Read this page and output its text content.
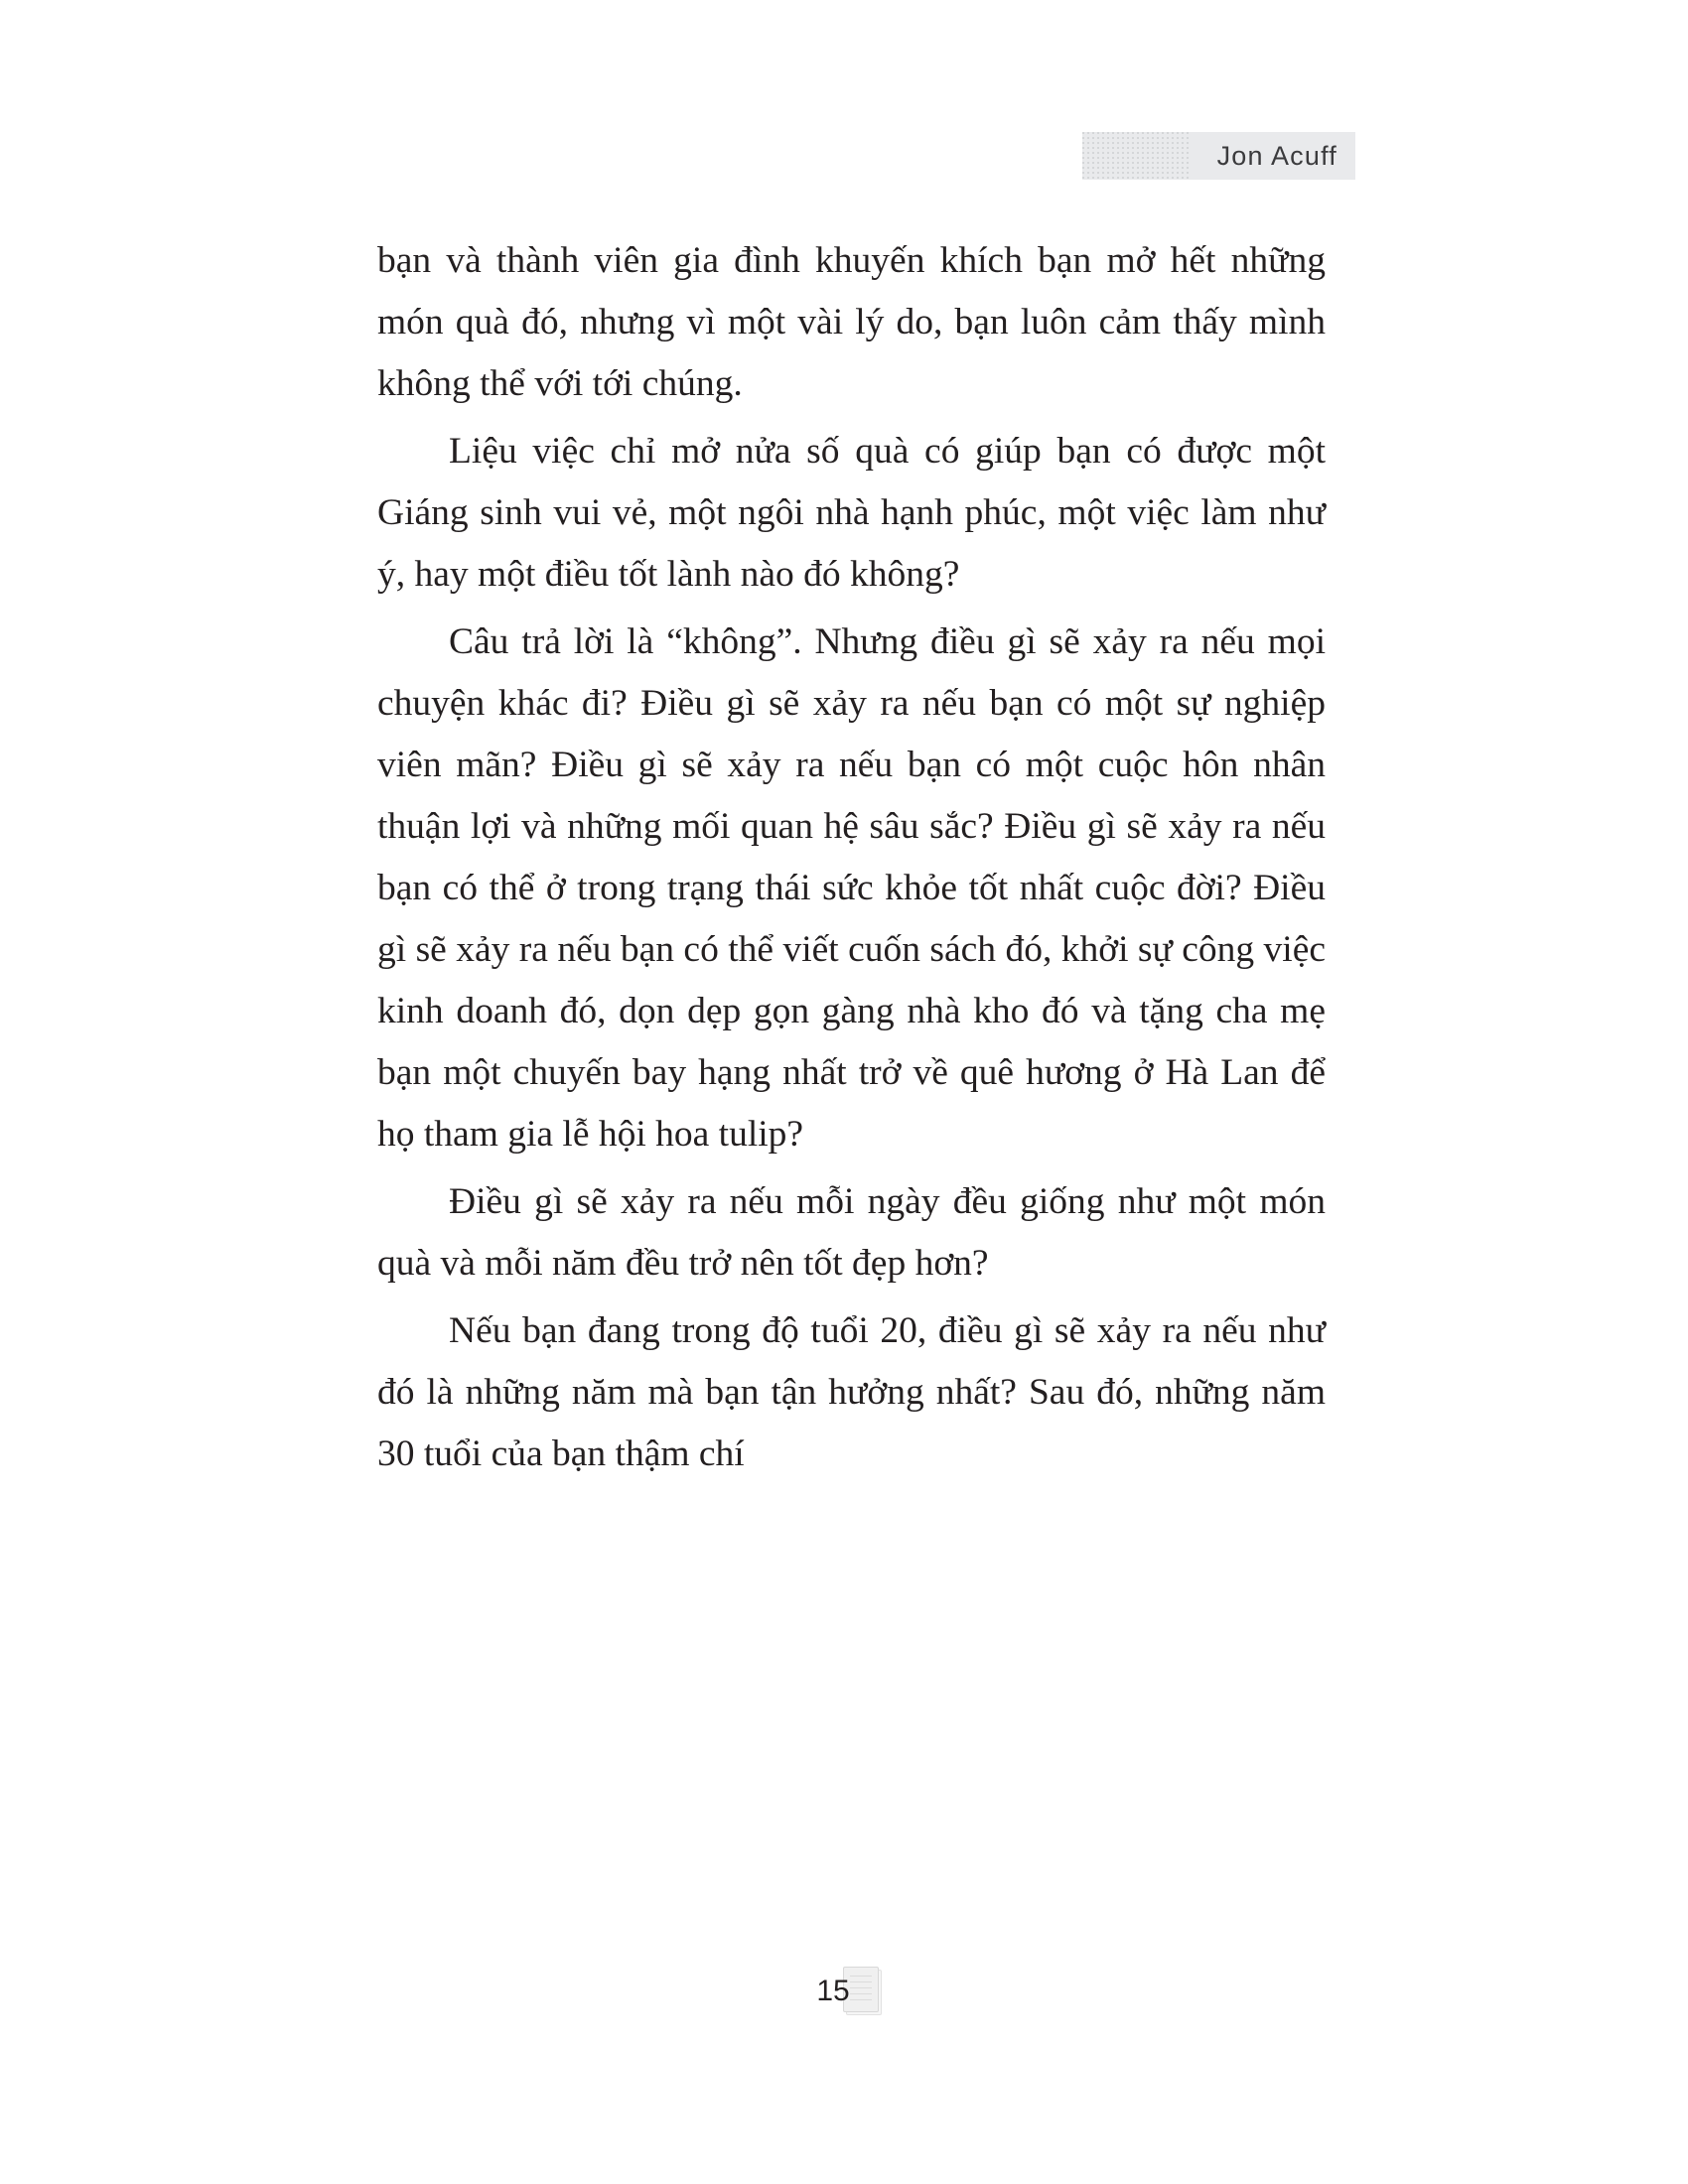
Jon Acuff

bạn và thành viên gia đình khuyến khích bạn mở hết những món quà đó, nhưng vì một vài lý do, bạn luôn cảm thấy mình không thể với tới chúng.

Liệu việc chỉ mở nửa số quà có giúp bạn có được một Giáng sinh vui vẻ, một ngôi nhà hạnh phúc, một việc làm như ý, hay một điều tốt lành nào đó không?

Câu trả lời là “không”. Nhưng điều gì sẽ xảy ra nếu mọi chuyện khác đi? Điều gì sẽ xảy ra nếu bạn có một sự nghiệp viên mãn? Điều gì sẽ xảy ra nếu bạn có một cuộc hôn nhân thuận lợi và những mối quan hệ sâu sắc? Điều gì sẽ xảy ra nếu bạn có thể ở trong trạng thái sức khỏe tốt nhất cuộc đời? Điều gì sẽ xảy ra nếu bạn có thể viết cuốn sách đó, khởi sự công việc kinh doanh đó, dọn dẹp gọn gàng nhà kho đó và tặng cha mẹ bạn một chuyến bay hạng nhất trở về quê hương ở Hà Lan để họ tham gia lễ hội hoa tulip?

Điều gì sẽ xảy ra nếu mỗi ngày đều giống như một món quà và mỗi năm đều trở nên tốt đẹp hơn?

Nếu bạn đang trong độ tuổi 20, điều gì sẽ xảy ra nếu như đó là những năm mà bạn tận hưởng nhất? Sau đó, những năm 30 tuổi của bạn thậm chí

15
